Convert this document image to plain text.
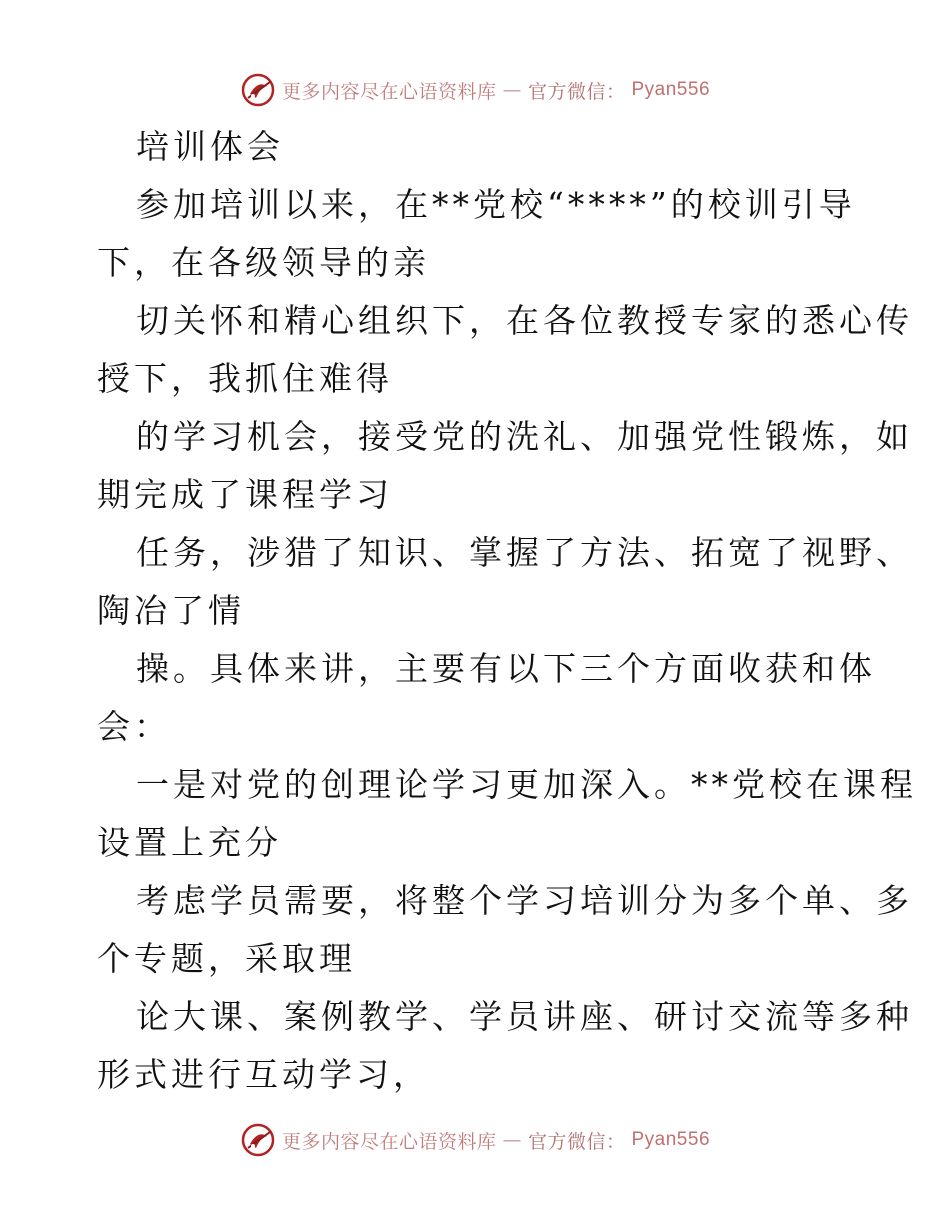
更多内容尽在心语资料库 — 官方微信： Pyan556
培训体会
参加培训以来，在**党校“****”的校训引导
下，在各级领导的亲
切关怀和精心组织下，在各位教授专家的悉心传
授下，我抓住难得
的学习机会，接受党的洗礼、加强党性锻炼，如
期完成了课程学习
任务，涉猎了知识、掌握了方法、拓宽了视野、
陶冶了情
操。具体来讲，主要有以下三个方面收获和体
会：
一是对党的创理论学习更加深入。**党校在课程
设置上充分
考虑学员需要，将整个学习培训分为多个单、多
个专题，采取理
论大课、案例教学、学员讲座、研讨交流等多种
形式进行互动学习，
更多内容尽在心语资料库 — 官方微信： Pyan556
